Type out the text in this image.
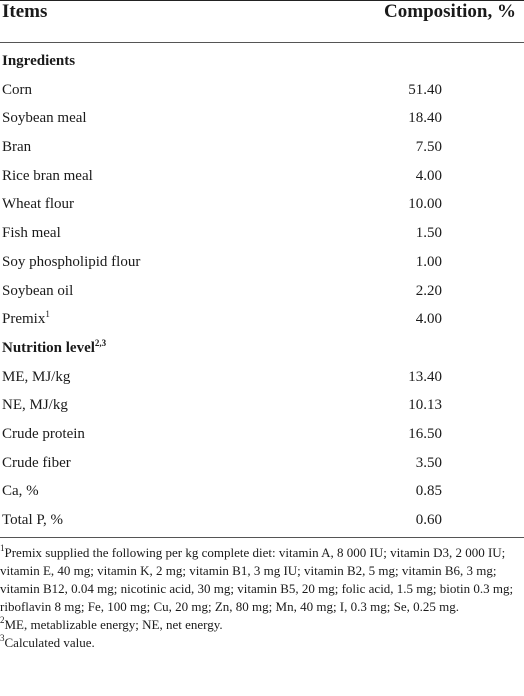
Items	Composition, %
Ingredients
Corn	51.40
Soybean meal	18.40
Bran	7.50
Rice bran meal	4.00
Wheat flour	10.00
Fish meal	1.50
Soy phospholipid flour	1.00
Soybean oil	2.20
Premix$^1$	4.00
Nutrition level$^{2,3}$
ME, MJ/kg	13.40
NE, MJ/kg	10.13
Crude protein	16.50
Crude fiber	3.50
Ca, %	0.85
Total P, %	0.60

$^1$Premix supplied the following per kg complete diet: vitamin A, 8 000 IU; vitamin D3, 2 000 IU; vitamin E, 40 mg; vitamin K, 2 mg; vitamin B1, 3 mg IU; vitamin B2, 5 mg; vitamin B6, 3 mg; vitamin B12, 0.04 mg; nicotinic acid, 30 mg; vitamin B5, 20 mg; folic acid, 1.5 mg; biotin 0.3 mg; riboflavin 8 mg; Fe, 100 mg; Cu, 20 mg; Zn, 80 mg; Mn, 40 mg; I, 0.3 mg; Se, 0.25 mg.

$^2$ME, metablizable energy; NE, net energy.

$^3$Calculated value.
